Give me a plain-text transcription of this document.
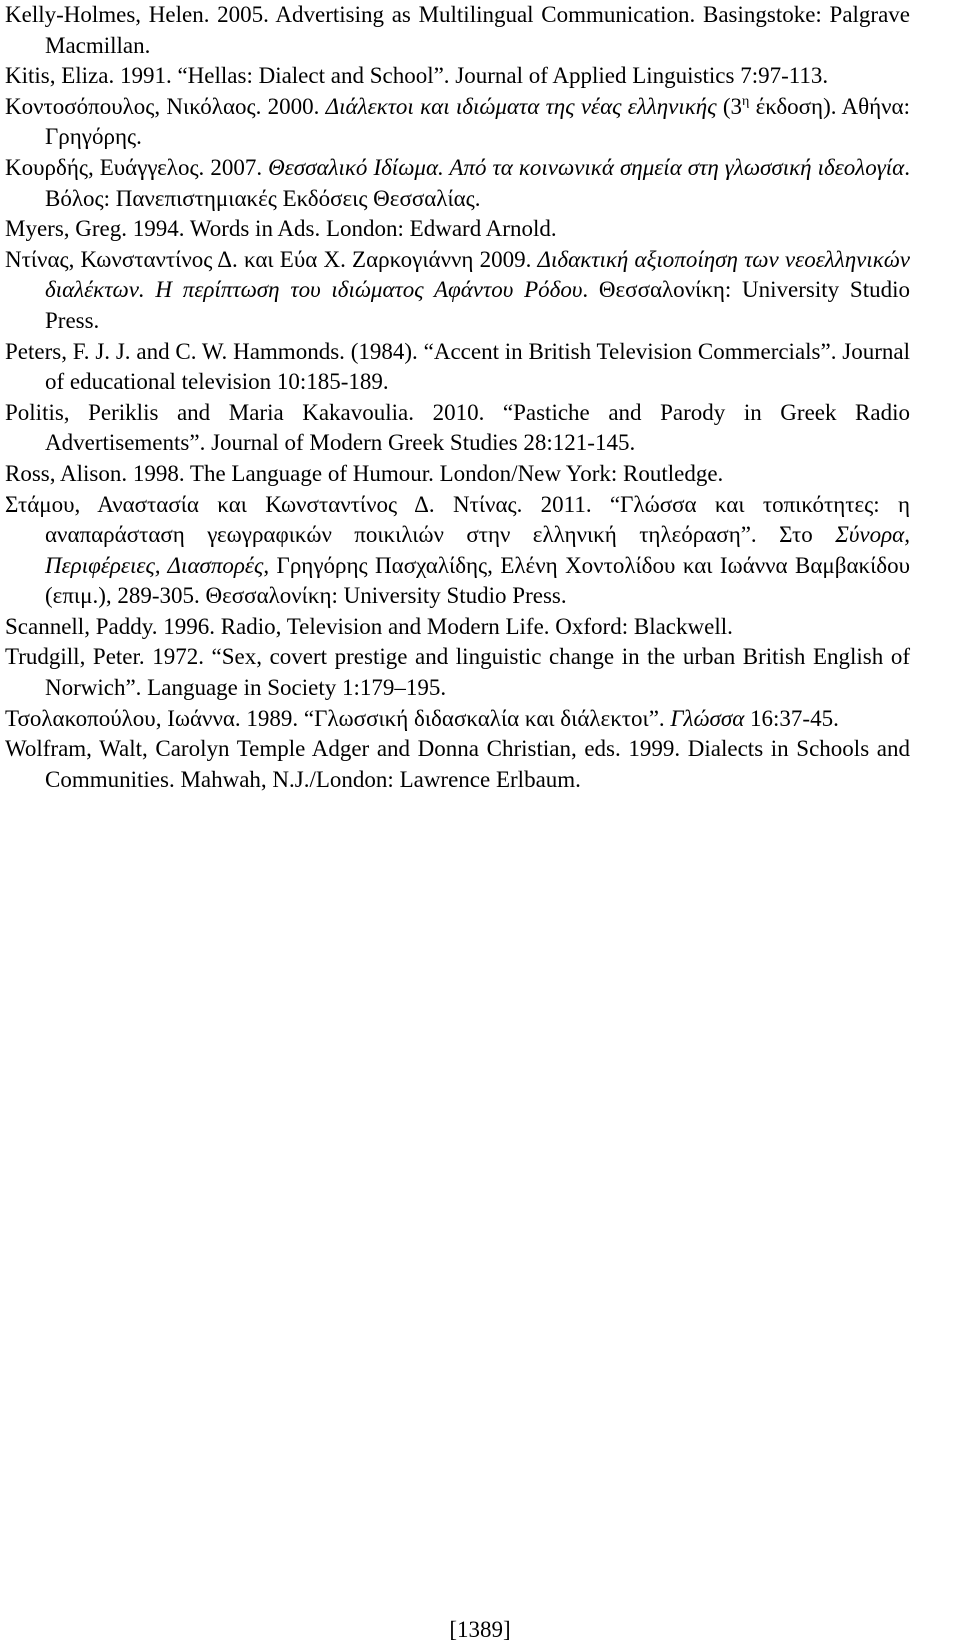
Kelly-Holmes, Helen. 2005. Advertising as Multilingual Communication. Basingstoke: Palgrave Macmillan.

Kitis, Eliza. 1991. “Hellas: Dialect and School”. Journal of Applied Linguistics 7:97-113.

Κοντοσόπουλος, Νικόλαος. 2000. Διάλεκτοι και ιδιώματα της νέας ελληνικής ($3^\eta$ έκδοση). Αθήνα: Γρηγόρης.

Κουρδής, Ευάγγελος. 2007. Θεσσαλικό Ιδίωμα. Από τα κοινωνικά σημεία στη γλωσσική ιδεολογία. Βόλος: Πανεπιστημιακές Εκδόσεις Θεσσαλίας.

Myers, Greg. 1994. Words in Ads. London: Edward Arnold.

Ντίνας, Κωνσταντίνος Δ. και Εύα Χ. Ζαρκογιάννη 2009. Διδακτική αξιοποίηση των νεοελληνικών διαλέκτων. Η περίπτωση του ιδιώματος Αφάντου Ρόδου. Θεσσαλονίκη: University Studio Press.

Peters, F. J. J. and C. W. Hammonds. (1984). “Accent in British Television Commercials”. Journal of educational television 10:185-189.

Politis, Periklis and Maria Kakavoulia. 2010. “Pastiche and Parody in Greek Radio Advertisements”. Journal of Modern Greek Studies 28:121-145.

Ross, Alison. 1998. The Language of Humour. London/New York: Routledge.

Στάμου, Αναστασία και Κωνσταντίνος Δ. Ντίνας. 2011. “Γλώσσα και τοπικότητες: η αναπαράσταση γεωγραφικών ποικιλιών στην ελληνική τηλεόραση”. Στο Σύνορα, Περιφέρειες, Διασπορές, Γρηγόρης Πασχαλίδης, Ελένη Χοντολίδου και Ιωάννα Βαμβακίδου (επιμ.), 289-305. Θεσσαλονίκη: University Studio Press.

Scannell, Paddy. 1996. Radio, Television and Modern Life. Oxford: Blackwell.

Trudgill, Peter. 1972. “Sex, covert prestige and linguistic change in the urban British English of Norwich”. Language in Society 1:179–195.

Τσολακοπούλου, Ιωάννα. 1989. “Γλωσσική διδασκαλία και διάλεκτοι”. Γλώσσα 16:37-45.

Wolfram, Walt, Carolyn Temple Adger and Donna Christian, eds. 1999. Dialects in Schools and Communities. Mahwah, N.J./London: Lawrence Erlbaum.

[1389]
